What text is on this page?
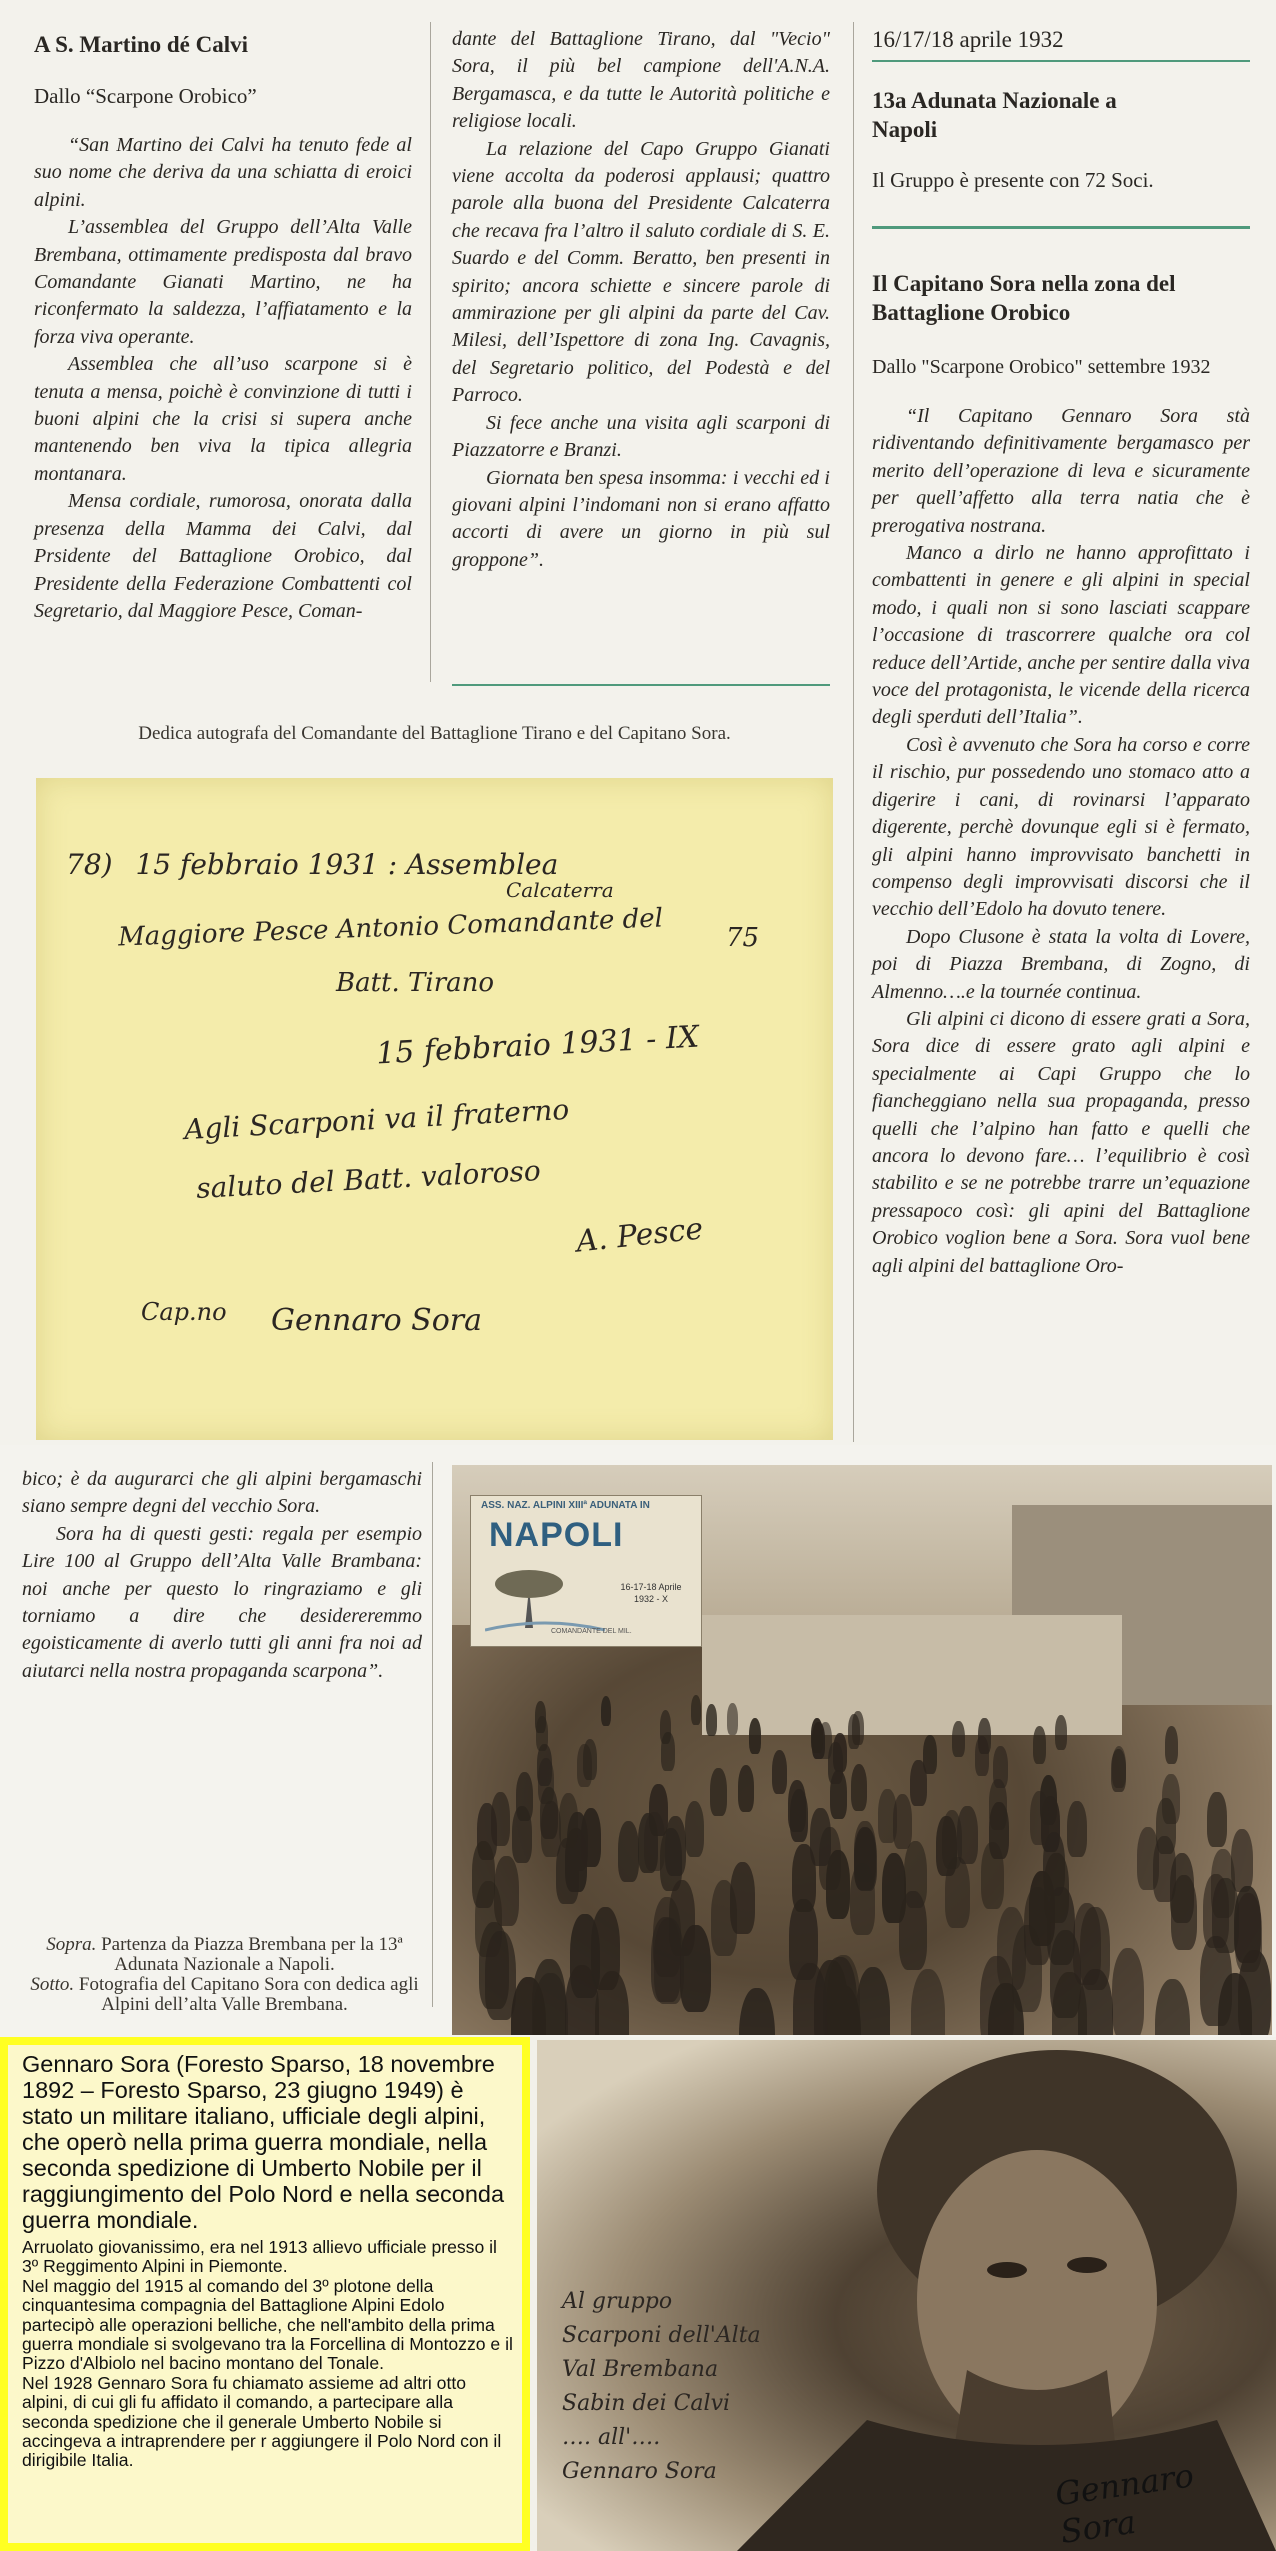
A S. Martino dé Calvi
Dallo “Scarpone Orobico”

“San Martino dei Calvi ha tenuto fede al suo nome che deriva da una schiatta di eroici alpini.

L’assemblea del Gruppo dell’Alta Valle Brembana, ottimamente predisposta dal bravo Comandante Gianati Martino, ne ha riconfermato la saldezza, l’affiatamento e la forza viva operante.

Assemblea che all’uso scarpone si è tenuta a mensa, poichè è convinzione di tutti i buoni alpini che la crisi si supera anche mantenendo ben viva la tipica allegria montanara.

Mensa cordiale, rumorosa, onorata dalla presenza della Mamma dei Calvi, dal Prsidente del Battaglione Orobico, dal Presidente della Federazione Combattenti col Segretario, dal Maggiore Pesce, Coman-

dante del Battaglione Tirano, dal "Vecio" Sora, il più bel campione dell'A.N.A. Bergamasca, e da tutte le Autorità politiche e religiose locali.

La relazione del Capo Gruppo Gianati viene accolta da poderosi applausi; quattro parole alla buona del Presidente Calcaterra che recava fra l’altro il saluto cordiale di S. E. Suardo e del Comm. Beratto, ben presenti in spirito; ancora schiette e sincere parole di ammirazione per gli alpini da parte del Cav. Milesi, dell’Ispettore di zona Ing. Cavagnis, del Segretario politico, del Podestà e del Parroco.

Si fece anche una visita agli scarponi di Piazzatorre e Branzi.

Giornata ben spesa insomma: i vecchi ed i giovani alpini l’indomani non si erano affatto accorti di avere un giorno in più sul groppone”.

16/17/18 aprile 1932
13a Adunata Nazionale a Napoli
Il Gruppo è presente con 72 Soci.
Il Capitano Sora nella zona del Battaglione Orobico
Dallo "Scarpone Orobico" settembre 1932

“Il Capitano Gennaro Sora stà ridiventando definitivamente bergamasco per merito dell’operazione di leva e sicuramente per quell’affetto alla terra natia che è prerogativa nostrana.

Manco a dirlo ne hanno approfittato i combattenti in genere e gli alpini in special modo, i quali non si sono lasciati scappare l’occasione di trascorrere qualche ora col reduce dell’Artide, anche per sentire dalla viva voce del protagonista, le vicende della ricerca degli sperduti dell’Italia”.

Così è avvenuto che Sora ha corso e corre il rischio, pur possedendo uno stomaco atto a digerire i cani, di rovinarsi l’apparato digerente, perchè dovunque egli si è fermato, gli alpini hanno improvvisato banchetti in compenso degli improvvisati discorsi che il vecchio dell’Edolo ha dovuto tenere.

Dopo Clusone è stata la volta di Lovere, poi di Piazza Brembana, di Zogno, di Almenno….e la tournée continua.

Gli alpini ci dicono di essere grati a Sora, Sora dice di essere grato agli alpini e specialmente ai Capi Gruppo che lo fiancheggiano nella sua propaganda, presso quelli che l’alpino han fatto e quelli che ancora lo devono fare… l’equilibrio è così stabilito e se ne potrebbe trarre un’equazione pressapoco così: gli apini del Battaglione Orobico voglion bene a Sora. Sora vuol bene agli alpini del battaglione Oro-

Dedica autografa del Comandante del Battaglione Tirano e del Capitano Sora.
78) 15 febbraio 1931 : Assemblea
Calcaterra
Maggiore Pesce Antonio Comandante del 75
Batt. Tirano
15 febbraio 1931 - IX
Agli Scarponi va il fraterno
saluto del Batt. valoroso
A. Pesce
Cap.no Gennaro Sora

bico; è da augurarci che gli alpini bergamaschi siano sempre degni del vecchio Sora.

Sora ha di questi gesti: regala per esempio Lire 100 al Gruppo dell’Alta Valle Brambana: noi anche per questo lo ringraziamo e gli torniamo a dire che desidereremmo egoisticamente di averlo tutti gli anni fra noi ad aiutarci nella nostra propaganda scarpona”.

Sopra. Partenza da Piazza Brembana per la 13ª Adunata Nazionale a Napoli.
Sotto. Fotografia del Capitano Sora con dedica agli Alpini dell’alta Valle Brembana.
ASS. NAZ. ALPINI XIIIª ADUNATA IN
NAPOLI
16-17-18 Aprile 1932 - X
COMANDANTE DEL MIL.
Gennaro Sora (Foresto Sparso, 18 novembre 1892 – Foresto Sparso, 23 giugno 1949) è stato un militare italiano, ufficiale degli alpini, che operò nella prima guerra mondiale, nella seconda spedizione di Umberto Nobile per il raggiungimento del Polo Nord e nella seconda guerra mondiale.

Arruolato giovanissimo, era nel 1913 allievo ufficiale presso il 3º Reggimento Alpini in Piemonte.

Nel maggio del 1915 al comando del 3º plotone della cinquantesima compagnia del Battaglione Alpini Edolo partecipò alle operazioni belliche, che nell'ambito della prima guerra mondiale si svolgevano tra la Forcellina di Montozzo e il Pizzo d'Albiolo nel bacino montano del Tonale.

Nel 1928 Gennaro Sora fu chiamato assieme ad altri otto alpini, di cui gli fu affidato il comando, a partecipare alla seconda spedizione che il generale Umberto Nobile si accingeva a intraprendere per r aggiungere il Polo Nord con il dirigibile Italia.

Al gruppo
Scarponi dell'Alta
Val Brembana
Sabin dei Calvi
…. all'….
Gennaro Sora	Gennaro Sora
